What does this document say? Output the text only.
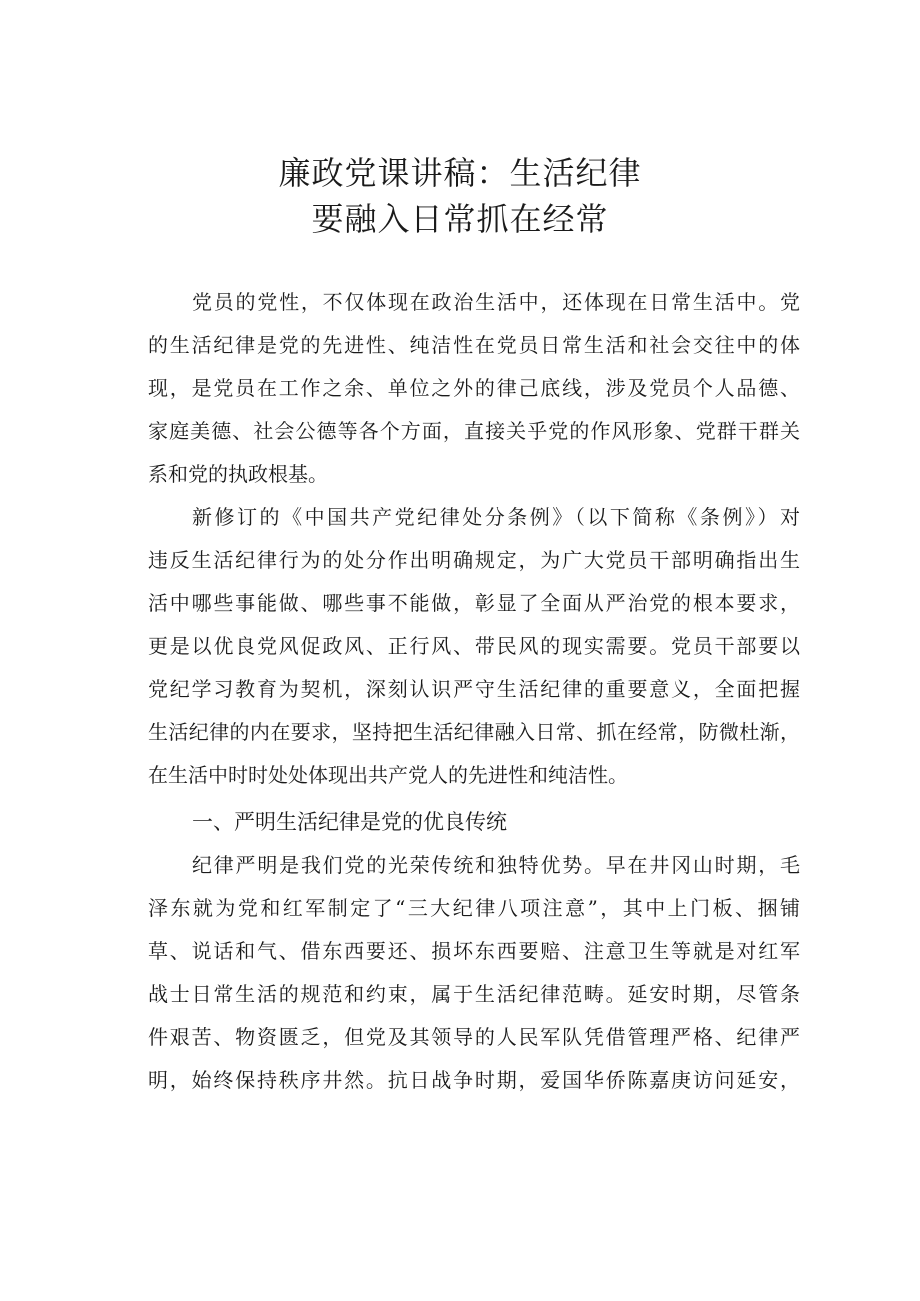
廉政党课讲稿：生活纪律
要融入日常抓在经常
党员的党性，不仅体现在政治生活中，还体现在日常生活中。党
的生活纪律是党的先进性、纯洁性在党员日常生活和社会交往中的体
现，是党员在工作之余、单位之外的律己底线，涉及党员个人品德、
家庭美德、社会公德等各个方面，直接关乎党的作风形象、党群干群关
系和党的执政根基。
新修订的《中国共产党纪律处分条例》（以下简称《条例》）对
违反生活纪律行为的处分作出明确规定，为广大党员干部明确指出生
活中哪些事能做、哪些事不能做，彰显了全面从严治党的根本要求，
更是以优良党风促政风、正行风、带民风的现实需要。党员干部要以
党纪学习教育为契机，深刻认识严守生活纪律的重要意义，全面把握
生活纪律的内在要求，坚持把生活纪律融入日常、抓在经常，防微杜渐，
在生活中时时处处体现出共产党人的先进性和纯洁性。
一、严明生活纪律是党的优良传统
纪律严明是我们党的光荣传统和独特优势。早在井冈山时期，毛
泽东就为党和红军制定了“三大纪律八项注意”，其中上门板、捆铺
草、说话和气、借东西要还、损坏东西要赔、注意卫生等就是对红军
战士日常生活的规范和约束，属于生活纪律范畴。延安时期，尽管条
件艰苦、物资匮乏，但党及其领导的人民军队凭借管理严格、纪律严
明，始终保持秩序井然。抗日战争时期，爱国华侨陈嘉庚访问延安，
